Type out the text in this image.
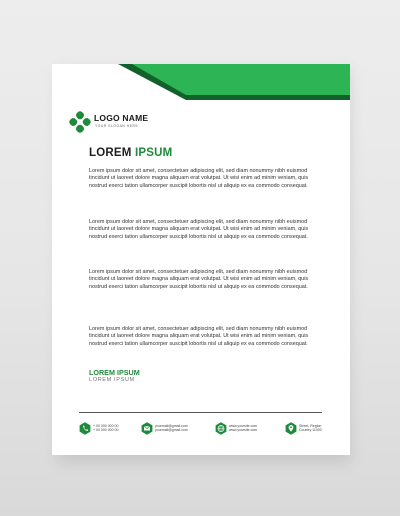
LOGO NAME
YOUR SLOGAN HERE
LOREM IPSUM

Lorem ipsum dolor sit amet, consectetuer adipiscing elit, sed diam nonummy nibh euismod tincidunt ut laoreet dolore magna aliquam erat volutpat. Ut wisi enim ad minim veniam, quis nostrud exerci tation ullamcorper suscipit lobortis nisl ut aliquip ex ea commodo consequat.

Lorem ipsum dolor sit amet, consectetuer adipiscing elit, sed diam nonummy nibh euismod tincidunt ut laoreet dolore magna aliquam erat volutpat. Ut wisi enim ad minim veniam, quis nostrud exerci tation ullamcorper suscipit lobortis nisl ut aliquip ex ea commodo consequat.

Lorem ipsum dolor sit amet, consectetuer adipiscing elit, sed diam nonummy nibh euismod tincidunt ut laoreet dolore magna aliquam erat volutpat. Ut wisi enim ad minim veniam, quis nostrud exerci tation ullamcorper suscipit lobortis nisl ut aliquip ex ea commodo consequat.

Lorem ipsum dolor sit amet, consectetuer adipiscing elit, sed diam nonummy nibh euismod tincidunt ut laoreet dolore magna aliquam erat volutpat. Ut wisi enim ad minim veniam, quis nostrud exerci tation ullamcorper suscipit lobortis nisl ut aliquip ex ea commodo consequat.

LOREM IPSUM
LOREM IPSUM
+ 00 000 000 00
+ 00 000 000 00
yourmail@gmail.com
yourmail@gmail.com
www.yoursite.com
www.yoursite.com
Street, Region
Country 11000
